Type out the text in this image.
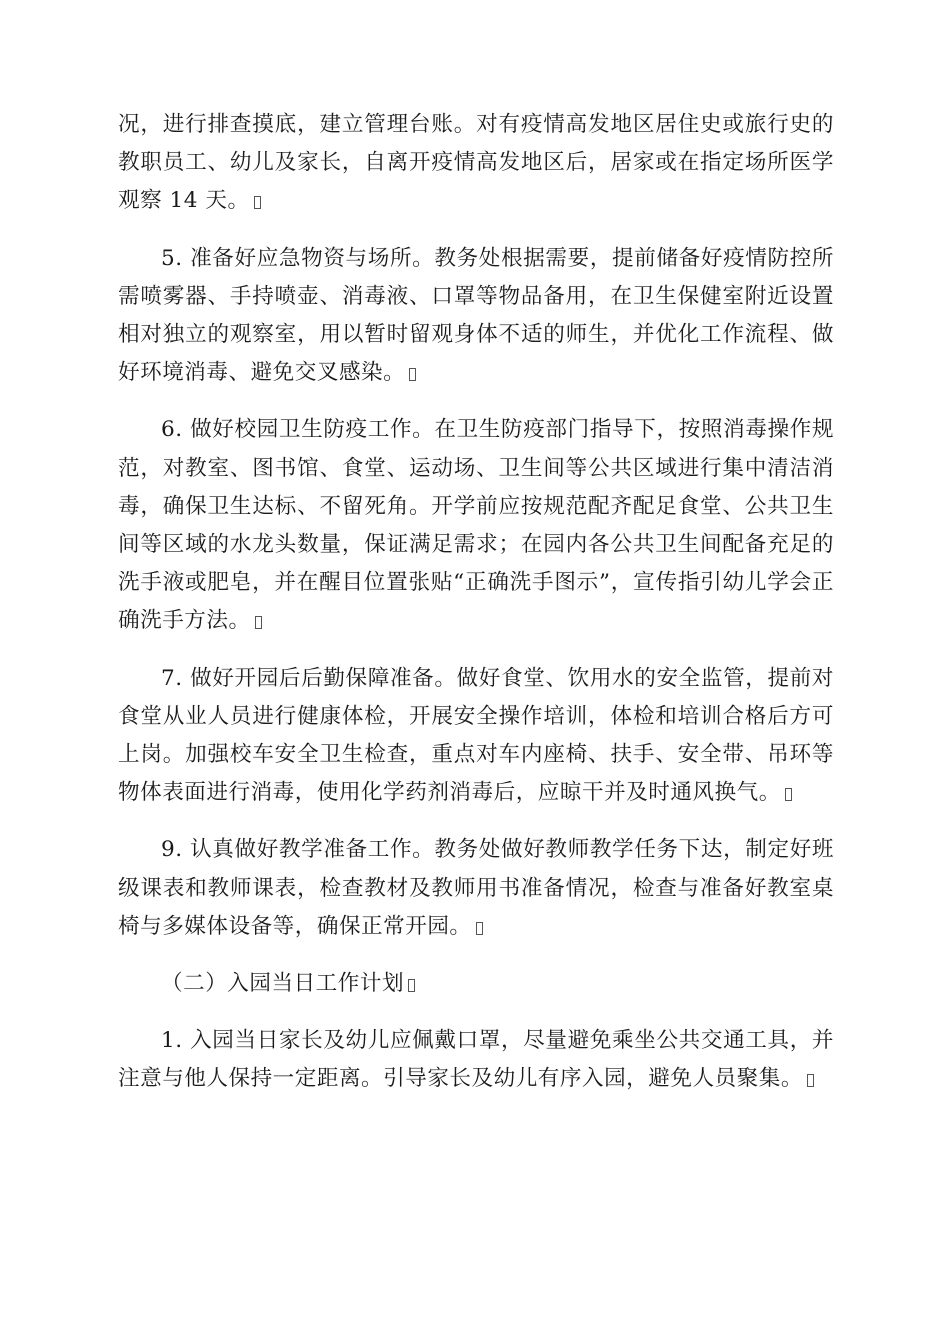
况，进行排查摸底，建立管理台账。对有疫情高发地区居住史或旅行史的教职员工、幼儿及家长，自离开疫情高发地区后，居家或在指定场所医学观察 14 天。

5. 准备好应急物资与场所。教务处根据需要，提前储备好疫情防控所需喷雾器、手持喷壶、消毒液、口罩等物品备用，在卫生保健室附近设置相对独立的观察室，用以暂时留观身体不适的师生，并优化工作流程、做好环境消毒、避免交叉感染。

6. 做好校园卫生防疫工作。在卫生防疫部门指导下，按照消毒操作规范，对教室、图书馆、食堂、运动场、卫生间等公共区域进行集中清洁消毒，确保卫生达标、不留死角。开学前应按规范配齐配足食堂、公共卫生间等区域的水龙头数量，保证满足需求；在园内各公共卫生间配备充足的洗手液或肥皂，并在醒目位置张贴“正确洗手图示”，宣传指引幼儿学会正确洗手方法。

7. 做好开园后后勤保障准备。做好食堂、饮用水的安全监管，提前对食堂从业人员进行健康体检，开展安全操作培训，体检和培训合格后方可上岗。加强校车安全卫生检查，重点对车内座椅、扶手、安全带、吊环等物体表面进行消毒，使用化学药剂消毒后，应晾干并及时通风换气。

9. 认真做好教学准备工作。教务处做好教师教学任务下达，制定好班级课表和教师课表，检查教材及教师用书准备情况，检查与准备好教室桌椅与多媒体设备等，确保正常开园。

（二）入园当日工作计划

1. 入园当日家长及幼儿应佩戴口罩，尽量避免乘坐公共交通工具，并注意与他人保持一定距离。引导家长及幼儿有序入园，避免人员聚集。
